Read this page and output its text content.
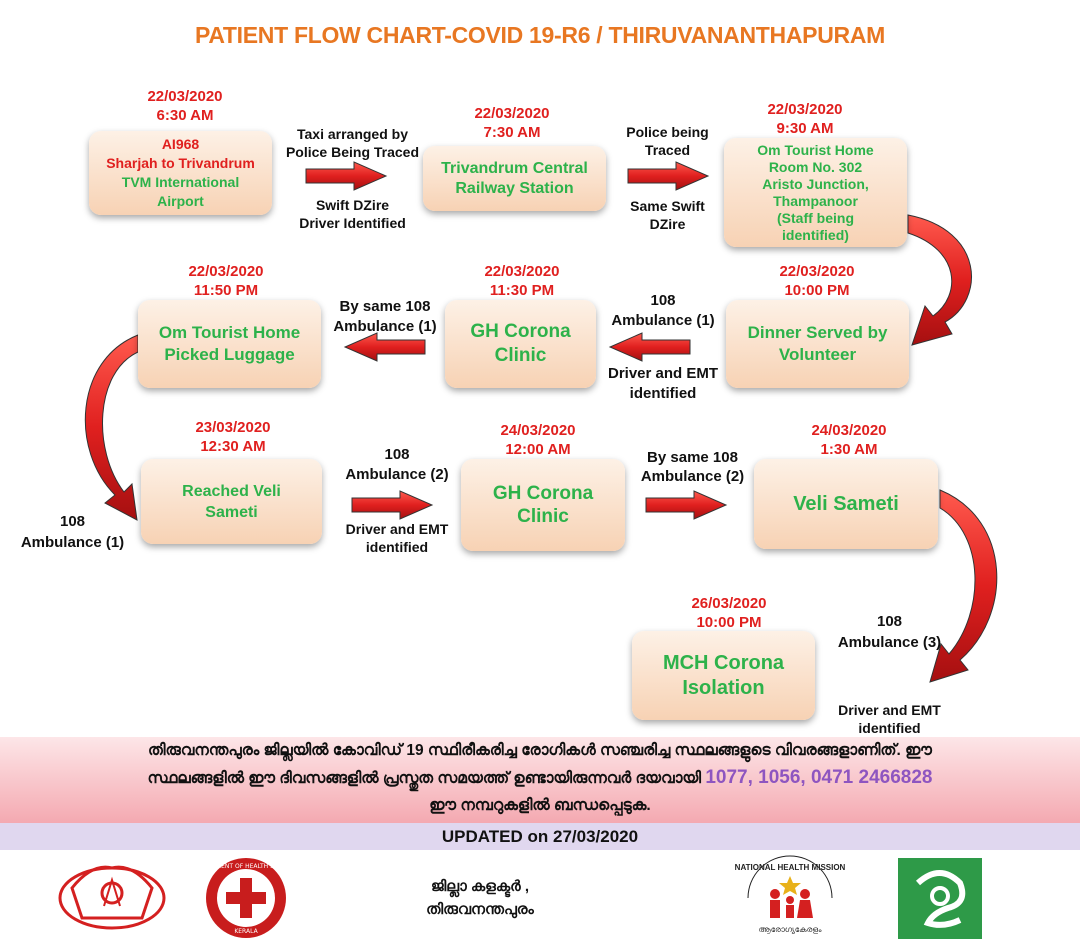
PATIENT FLOW CHART-COVID 19-R6 / THIRUVANANTHAPURAM
22/03/2020
6:30 AM
AI968
Sharjah to Trivandrum
TVM International
Airport
22/03/2020
7:30 AM
Trivandrum Central
Railway Station
22/03/2020
9:30 AM
Om Tourist Home
Room No. 302
Aristo Junction,
Thampanoor
(Staff being
identified)
22/03/2020
10:00 PM
Dinner Served by
Volunteer
22/03/2020
11:30 PM
GH Corona
Clinic
22/03/2020
11:50 PM
Om Tourist Home
Picked Luggage
23/03/2020
12:30 AM
Reached Veli
Sameti
24/03/2020
12:00 AM
GH Corona
Clinic
24/03/2020
1:30 AM
Veli Sameti
26/03/2020
10:00 PM
MCH Corona
Isolation
Taxi arranged by
Police Being Traced
Swift DZire
Driver Identified
Police being
Traced
Same Swift
DZire
108
Ambulance (1)
Driver and EMT
identified
By same 108
Ambulance (1)
108
Ambulance (1)
108
Ambulance (2)
Driver and EMT
identified
By same 108
Ambulance (2)
108
Ambulance (3)
Driver and EMT
identified
തിരുവനന്തപുരം ജില്ലയിൽ കോവിഡ് 19 സ്ഥിരീകരിച്ച രോഗികൾ സഞ്ചരിച്ച സ്ഥലങ്ങളുടെ വിവരങ്ങളാണിത്. ഈ
സ്ഥലങ്ങളിൽ ഈ ദിവസങ്ങളിൽ പ്രസ്തുത സമയത്ത് ഉണ്ടായിരുന്നവർ ദയവായി 1077, 1056, 0471 2466828
ഈ നമ്പറുകളിൽ ബന്ധപ്പെടുക.
UPDATED on 27/03/2020
DEPARTMENT OF HEALTH SERVICES
KERALA
NATIONAL HEALTH MISSION
ആരോഗ്യകേരളം
ജില്ലാ കളക്ടർ ,
തിരുവനന്തപുരം
